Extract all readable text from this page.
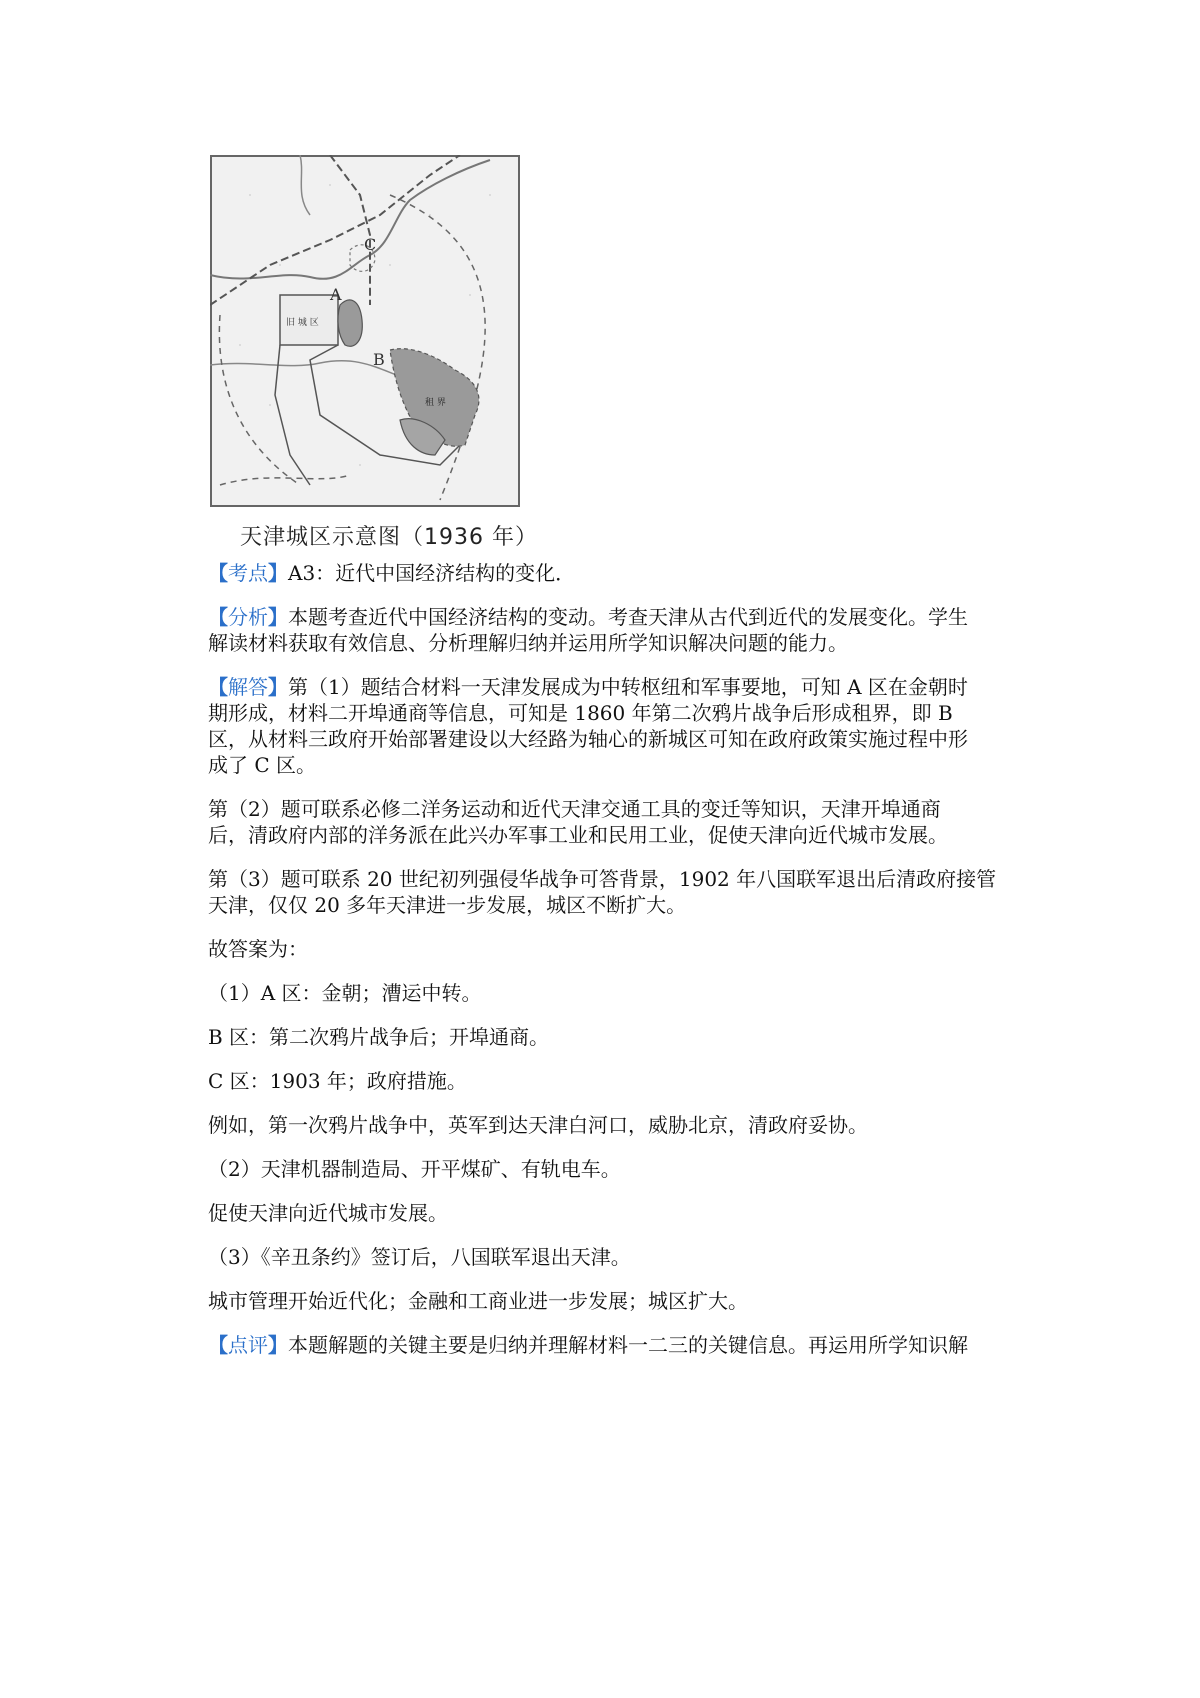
C
A
B
旧 城 区
租 界
天津城区示意图（1936 年）

【考点】A3：近代中国经济结构的变化．

【分析】本题考查近代中国经济结构的变动。考查天津从古代到近代的发展变化。学生

解读材料获取有效信息、分析理解归纳并运用所学知识解决问题的能力。

【解答】第（1）题结合材料一天津发展成为中转枢纽和军事要地，可知 A 区在金朝时

期形成，材料二开埠通商等信息，可知是 1860 年第二次鸦片战争后形成租界，即 B

区，从材料三政府开始部署建设以大经路为轴心的新城区可知在政府政策实施过程中形

成了 C 区。

第（2）题可联系必修二洋务运动和近代天津交通工具的变迁等知识，天津开埠通商

后，清政府内部的洋务派在此兴办军事工业和民用工业，促使天津向近代城市发展。

第（3）题可联系 20 世纪初列强侵华战争可答背景，1902 年八国联军退出后清政府接管

天津，仅仅 20 多年天津进一步发展，城区不断扩大。

故答案为：

（1）A 区：金朝；漕运中转。

B 区：第二次鸦片战争后；开埠通商。

C 区：1903 年；政府措施。

例如，第一次鸦片战争中，英军到达天津白河口，威胁北京，清政府妥协。

（2）天津机器制造局、开平煤矿、有轨电车。

促使天津向近代城市发展。

（3）《辛丑条约》签订后，八国联军退出天津。

城市管理开始近代化；金融和工商业进一步发展；城区扩大。

【点评】本题解题的关键主要是归纳并理解材料一二三的关键信息。再运用所学知识解
